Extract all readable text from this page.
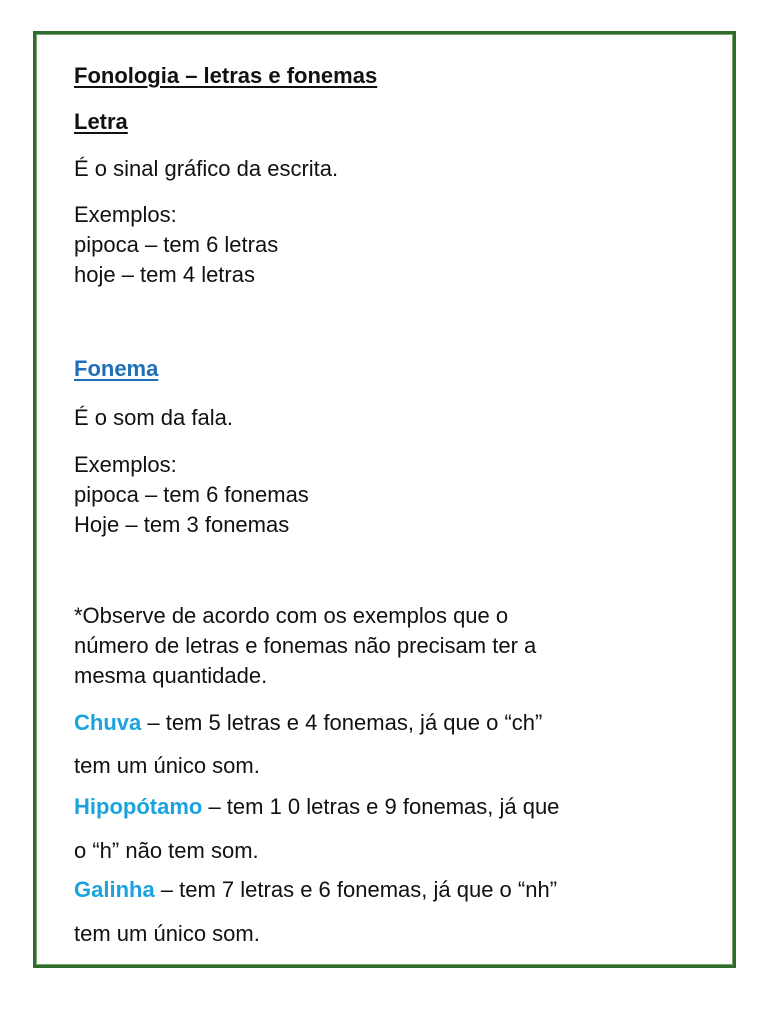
Fonologia – letras e fonemas

Letra

É o sinal gráfico da escrita.

Exemplos:

pipoca – tem 6 letras

hoje – tem 4 letras

Fonema

É o som da fala.

Exemplos:

pipoca – tem 6 fonemas

Hoje – tem 3 fonemas

*Observe de acordo com os exemplos que o

número de letras e fonemas não precisam ter a

mesma quantidade.

Chuva – tem 5 letras e 4 fonemas, já que o “ch”

tem um único som.

Hipopótamo – tem 1 0 letras e 9 fonemas, já que

o “h” não tem som.

Galinha – tem 7 letras e 6 fonemas, já que o “nh”

tem um único som.
